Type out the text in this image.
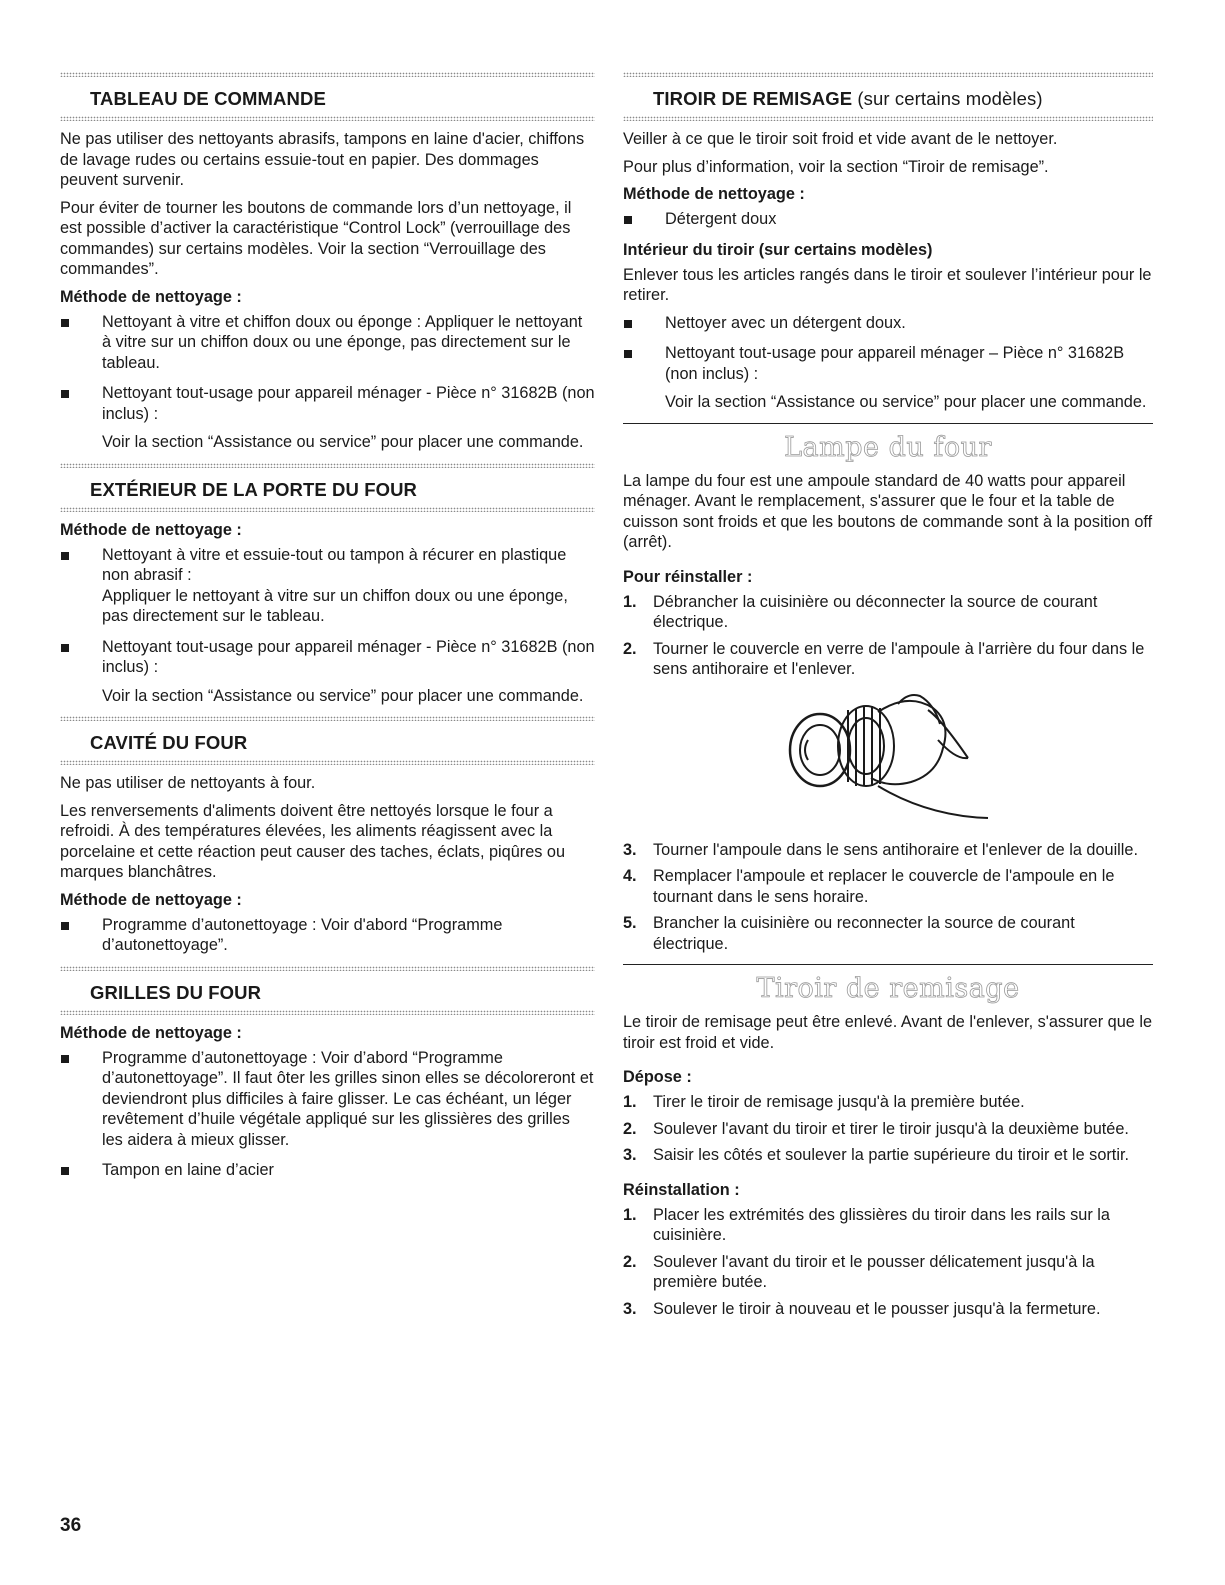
TABLEAU DE COMMANDE

Ne pas utiliser des nettoyants abrasifs, tampons en laine d'acier, chiffons de lavage rudes ou certains essuie-tout en papier. Des dommages peuvent survenir.

Pour éviter de tourner les boutons de commande lors d’un nettoyage, il est possible d’activer la caractéristique “Control Lock” (verrouillage des commandes) sur certains modèles. Voir la section “Verrouillage des commandes”.

Méthode de nettoyage :
Nettoyant à vitre et chiffon doux ou éponge : Appliquer le nettoyant à vitre sur un chiffon doux ou une éponge, pas directement sur le tableau.
Nettoyant tout-usage pour appareil ménager - Pièce n° 31682B (non inclus) :
Voir la section “Assistance ou service” pour placer une commande.
EXTÉRIEUR DE LA PORTE DU FOUR
Méthode de nettoyage :
Nettoyant à vitre et essuie-tout ou tampon à récurer en plastique non abrasif :
Appliquer le nettoyant à vitre sur un chiffon doux ou une éponge, pas directement sur le tableau.
Nettoyant tout-usage pour appareil ménager - Pièce n° 31682B (non inclus) :
Voir la section “Assistance ou service” pour placer une commande.
CAVITÉ DU FOUR

Ne pas utiliser de nettoyants à four.

Les renversements d'aliments doivent être nettoyés lorsque le four a refroidi. À des températures élevées, les aliments réagissent avec la porcelaine et cette réaction peut causer des taches, éclats, piqûres ou marques blanchâtres.

Méthode de nettoyage :
Programme d’autonettoyage : Voir d'abord “Programme d’autonettoyage”.
GRILLES DU FOUR
Méthode de nettoyage :
Programme d’autonettoyage : Voir d’abord “Programme d’autonettoyage”. Il faut ôter les grilles sinon elles se décoloreront et deviendront plus difficiles à faire glisser. Le cas échéant, un léger revêtement d’huile végétale appliqué sur les glissières des grilles les aidera à mieux glisser.
Tampon en laine d’acier
TIROIR DE REMISAGE (sur certains modèles)

Veiller à ce que le tiroir soit froid et vide avant de le nettoyer.

Pour plus d’information, voir la section “Tiroir de remisage”.

Méthode de nettoyage :
Détergent doux
Intérieur du tiroir (sur certains modèles)

Enlever tous les articles rangés dans le tiroir et soulever l’intérieur pour le retirer.

Nettoyer avec un détergent doux.
Nettoyant tout-usage pour appareil ménager – Pièce n° 31682B (non inclus) :
Voir la section “Assistance ou service” pour placer une commande.
Lampe du four

La lampe du four est une ampoule standard de 40 watts pour appareil ménager. Avant le remplacement, s'assurer que le four et la table de cuisson sont froids et que les boutons de commande sont à la position off (arrêt).

Pour réinstaller :
1. Débrancher la cuisinière ou déconnecter la source de courant électrique.
2. Tourner le couvercle en verre de l'ampoule à l'arrière du four dans le sens antihoraire et l'enlever.
3. Tourner l'ampoule dans le sens antihoraire et l'enlever de la douille.
4. Remplacer l'ampoule et replacer le couvercle de l'ampoule en le tournant dans le sens horaire.
5. Brancher la cuisinière ou reconnecter la source de courant électrique.
Tiroir de remisage

Le tiroir de remisage peut être enlevé. Avant de l'enlever, s'assurer que le tiroir est froid et vide.

Dépose :
1. Tirer le tiroir de remisage jusqu'à la première butée.
2. Soulever l'avant du tiroir et tirer le tiroir jusqu'à la deuxième butée.
3. Saisir les côtés et soulever la partie supérieure du tiroir et le sortir.
Réinstallation :
1. Placer les extrémités des glissières du tiroir dans les rails sur la cuisinière.
2. Soulever l'avant du tiroir et le pousser délicatement jusqu'à la première butée.
3. Soulever le tiroir à nouveau et le pousser jusqu'à la fermeture.
36
